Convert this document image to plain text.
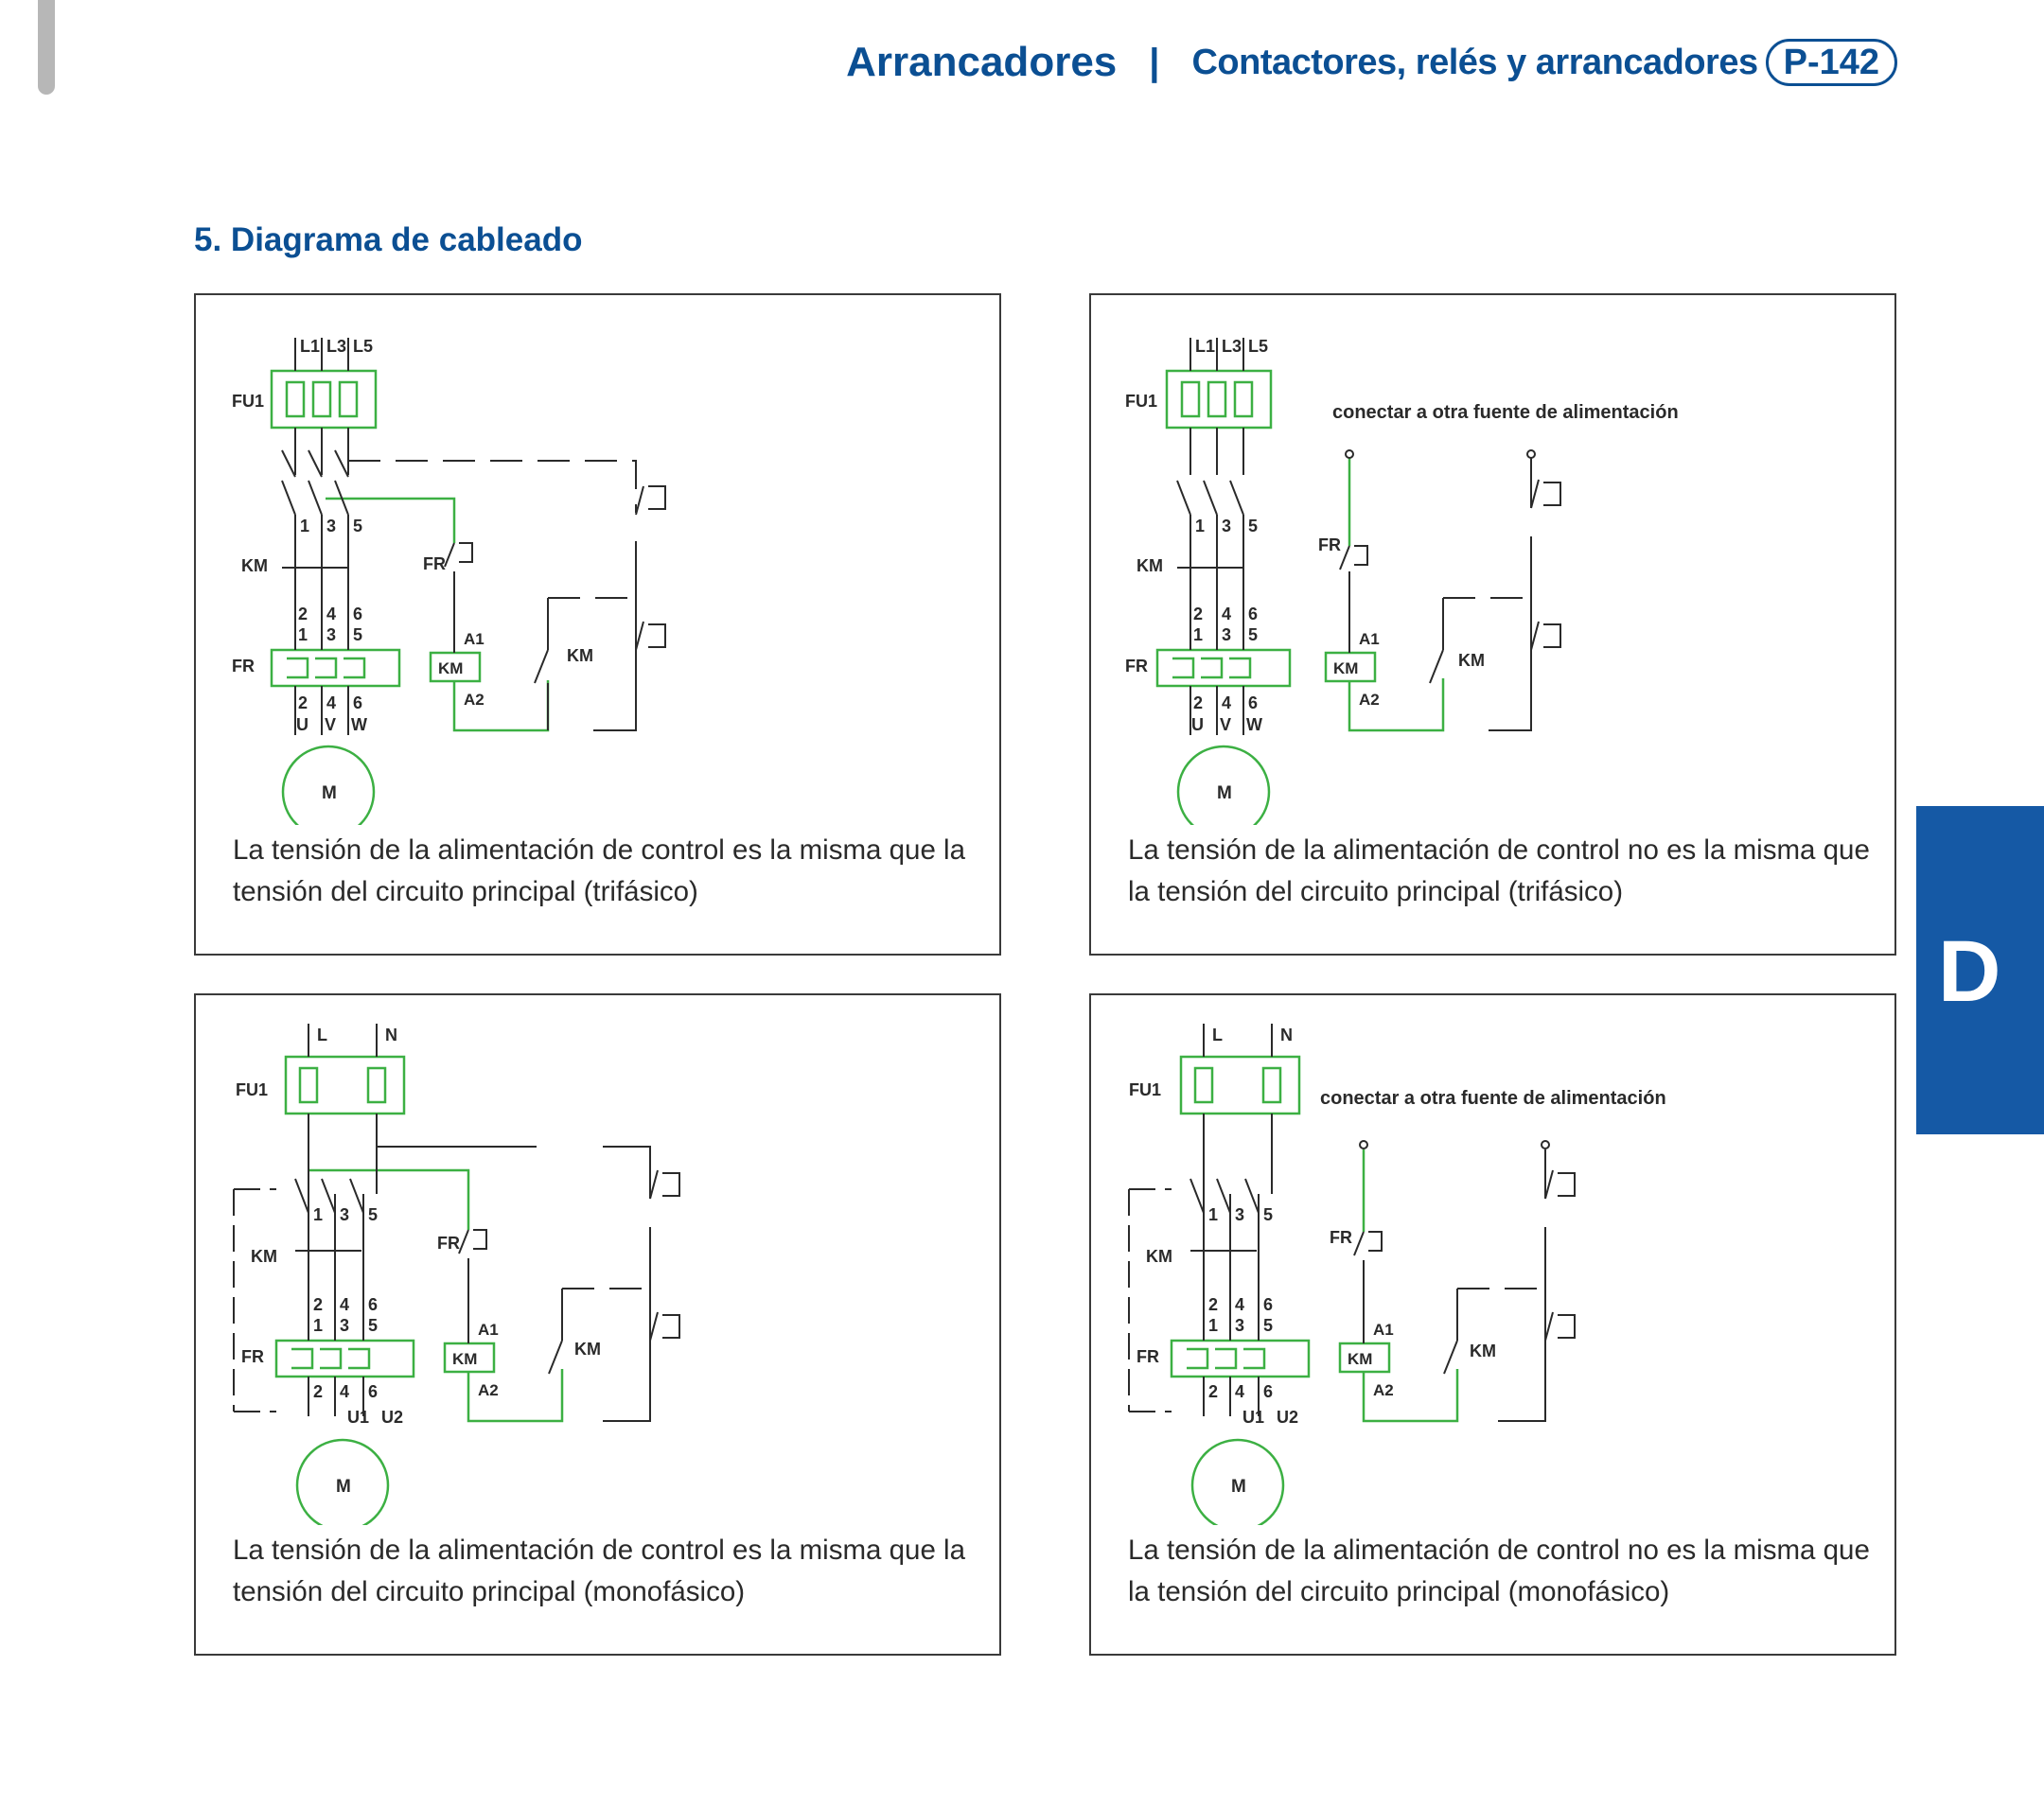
Arrancadores | Contactores, relés y arrancadores P-142
5. Diagrama de cableado
D
L1 L3 L5
FU1
KM
FR
FR
KM
KM
A1
A2
1 3 5
2 4 6
1 3 5
2 4 6
U V W
M
La tensión de la alimentación de control es la misma que la
tensión del circuito principal (trifásico)
L1 L3 L5
FU1
conectar a otra fuente de alimentación
KM
FR
FR
KM
KM
A1
A2
1 3 5
2 4 6
1 3 5
2 4 6
U V W
M
La tensión de la alimentación de control no es la misma que
la tensión del circuito principal (trifásico)
L	N
FU1
KM
FR
FR
KM
KM
A1
A2
1 3 5
2 4 6
1 3 5
2 4 6
U1 U2
M
La tensión de la alimentación de control es la misma que la
tensión del circuito principal (monofásico)
L	N
FU1	conectar a otra fuente de alimentación
KM
FR
FR
KM
KM
A1
A2
1 3 5
2 4 6
1 3 5
2 4 6
U1 U2
M
La tensión de la alimentación de control no es la misma que
la tensión del circuito principal (monofásico)
